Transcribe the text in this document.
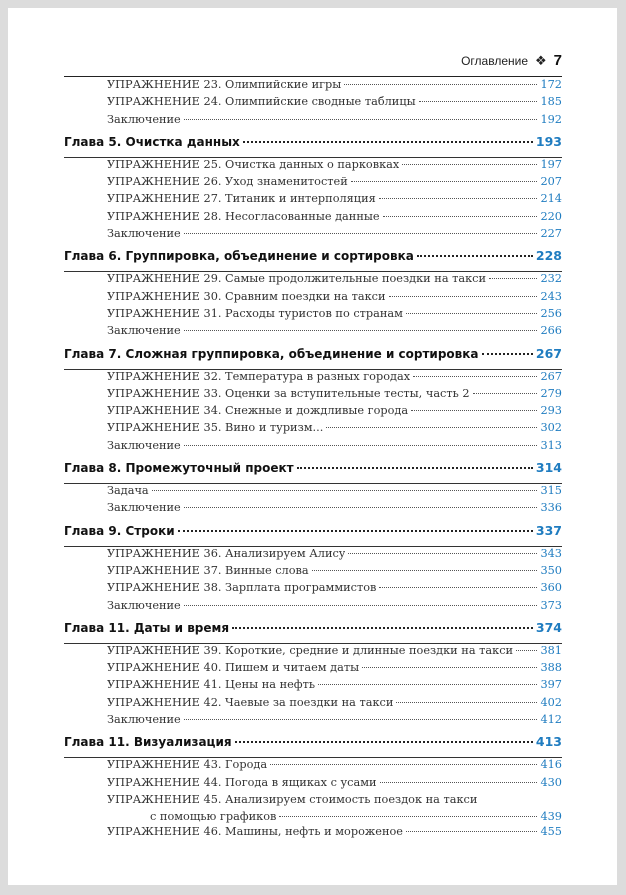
Оглавление ❖ 7
УПРАЖНЕНИЕ 23. Олимпийские игры	172
УПРАЖНЕНИЕ 24. Олимпийские сводные таблицы	185
Заключение	192
Глава 5. Очистка данных	193
УПРАЖНЕНИЕ 25. Очистка данных о парковках	197
УПРАЖНЕНИЕ 26. Уход знаменитостей	207
УПРАЖНЕНИЕ 27. Титаник и интерполяция	214
УПРАЖНЕНИЕ 28. Несогласованные данные	220
Заключение	227
Глава 6. Группировка, объединение и сортировка	228
УПРАЖНЕНИЕ 29. Самые продолжительные поездки на такси	232
УПРАЖНЕНИЕ 30. Сравним поездки на такси	243
УПРАЖНЕНИЕ 31. Расходы туристов по странам	256
Заключение	266
Глава 7. Сложная группировка, объединение и сортировка	267
УПРАЖНЕНИЕ 32. Температура в разных городах	267
УПРАЖНЕНИЕ 33. Оценки за вступительные тесты, часть 2	279
УПРАЖНЕНИЕ 34. Снежные и дождливые города	293
УПРАЖНЕНИЕ 35. Вино и туризм...	302
Заключение	313
Глава 8. Промежуточный проект	314
Задача	315
Заключение	336
Глава 9. Строки	337
УПРАЖНЕНИЕ 36. Анализируем Алису	343
УПРАЖНЕНИЕ 37. Винные слова	350
УПРАЖНЕНИЕ 38. Зарплата программистов	360
Заключение	373
Глава 11. Даты и время	374
УПРАЖНЕНИЕ 39. Короткие, средние и длинные поездки на такси 381
УПРАЖНЕНИЕ 40. Пишем и читаем даты	388
УПРАЖНЕНИЕ 41. Цены на нефть	397
УПРАЖНЕНИЕ 42. Чаевые за поездки на такси	402
Заключение	412
Глава 11. Визуализация	413
УПРАЖНЕНИЕ 43. Города	416
УПРАЖНЕНИЕ 44. Погода в ящиках с усами	430
УПРАЖНЕНИЕ 45. Анализируем стоимость поездок на такси
с помощью графиков	439
УПРАЖНЕНИЕ 46. Машины, нефть и мороженое	455
